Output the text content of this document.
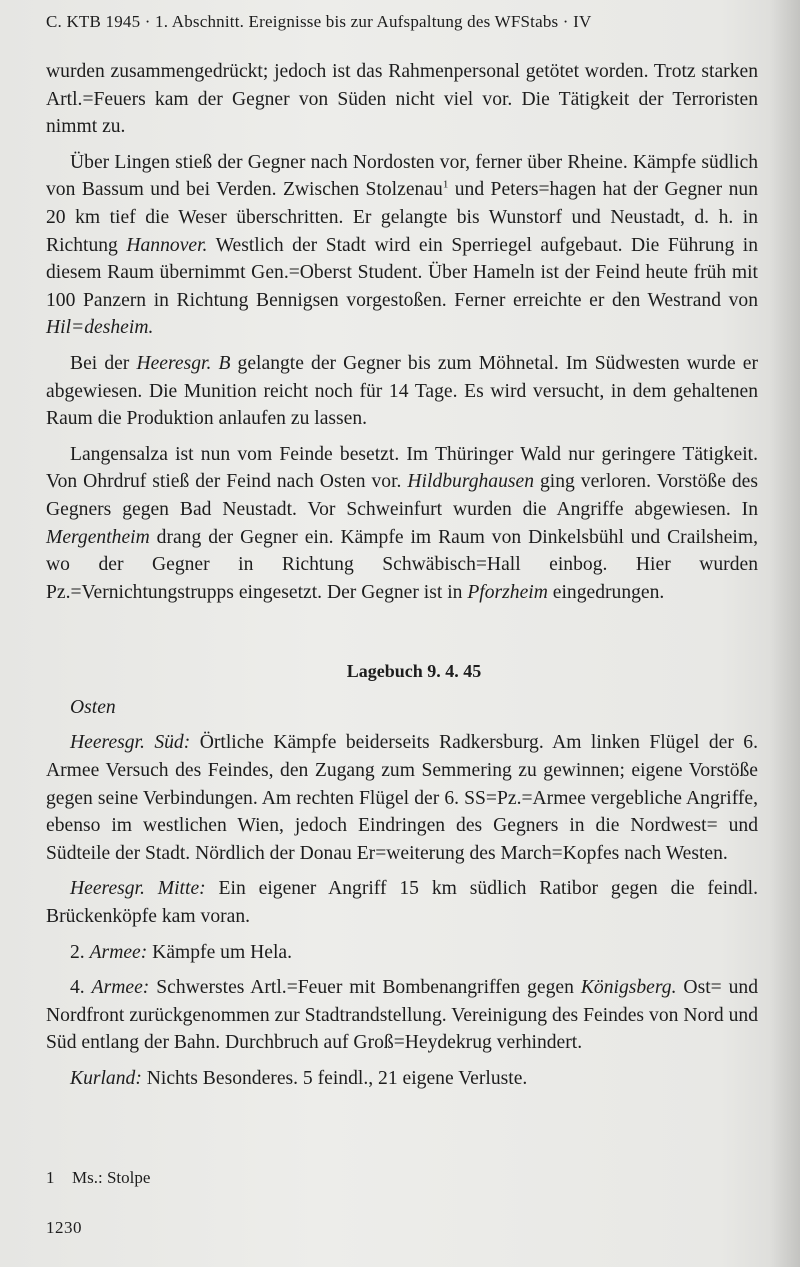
C. KTB 1945 · 1. Abschnitt. Ereignisse bis zur Aufspaltung des WFStabs · IV

wurden zusammengedrückt; jedoch ist das Rahmenpersonal getötet worden. Trotz starken Artl.=Feuers kam der Gegner von Süden nicht viel vor. Die Tätigkeit der Terroristen nimmt zu.

Über Lingen stieß der Gegner nach Nordosten vor, ferner über Rheine. Kämpfe südlich von Bassum und bei Verden. Zwischen Stolzenau$^1$ und Peters=hagen hat der Gegner nun 20 km tief die Weser überschritten. Er gelangte bis Wunstorf und Neustadt, d. h. in Richtung Hannover. Westlich der Stadt wird ein Sperriegel aufgebaut. Die Führung in diesem Raum übernimmt Gen.=Oberst Student. Über Hameln ist der Feind heute früh mit 100 Panzern in Richtung Bennigsen vorgestoßen. Ferner erreichte er den Westrand von Hil=desheim.

Bei der Heeresgr. B gelangte der Gegner bis zum Möhnetal. Im Südwesten wurde er abgewiesen. Die Munition reicht noch für 14 Tage. Es wird versucht, in dem gehaltenen Raum die Produktion anlaufen zu lassen.

Langensalza ist nun vom Feinde besetzt. Im Thüringer Wald nur geringere Tätigkeit. Von Ohrdruf stieß der Feind nach Osten vor. Hildburghausen ging verloren. Vorstöße des Gegners gegen Bad Neustadt. Vor Schweinfurt wurden die Angriffe abgewiesen. In Mergentheim drang der Gegner ein. Kämpfe im Raum von Dinkelsbühl und Crailsheim, wo der Gegner in Richtung Schwäbisch=Hall einbog. Hier wurden Pz.=Vernichtungstrupps eingesetzt. Der Gegner ist in Pforzheim eingedrungen.

Lagebuch 9. 4. 45

Osten

Heeresgr. Süd: Örtliche Kämpfe beiderseits Radkersburg. Am linken Flügel der 6. Armee Versuch des Feindes, den Zugang zum Semmering zu gewinnen; eigene Vorstöße gegen seine Verbindungen. Am rechten Flügel der 6. SS=Pz.=Armee vergebliche Angriffe, ebenso im westlichen Wien, jedoch Eindringen des Gegners in die Nordwest= und Südteile der Stadt. Nördlich der Donau Er=weiterung des March=Kopfes nach Westen.

Heeresgr. Mitte: Ein eigener Angriff 15 km südlich Ratibor gegen die feindl. Brückenköpfe kam voran.

2. Armee: Kämpfe um Hela.

4. Armee: Schwerstes Artl.=Feuer mit Bombenangriffen gegen Königsberg. Ost= und Nordfront zurückgenommen zur Stadtrandstellung. Vereinigung des Feindes von Nord und Süd entlang der Bahn. Durchbruch auf Groß=Heydekrug verhindert.

Kurland: Nichts Besonderes. 5 feindl., 21 eigene Verluste.

1 Ms.: Stolpe
1230
